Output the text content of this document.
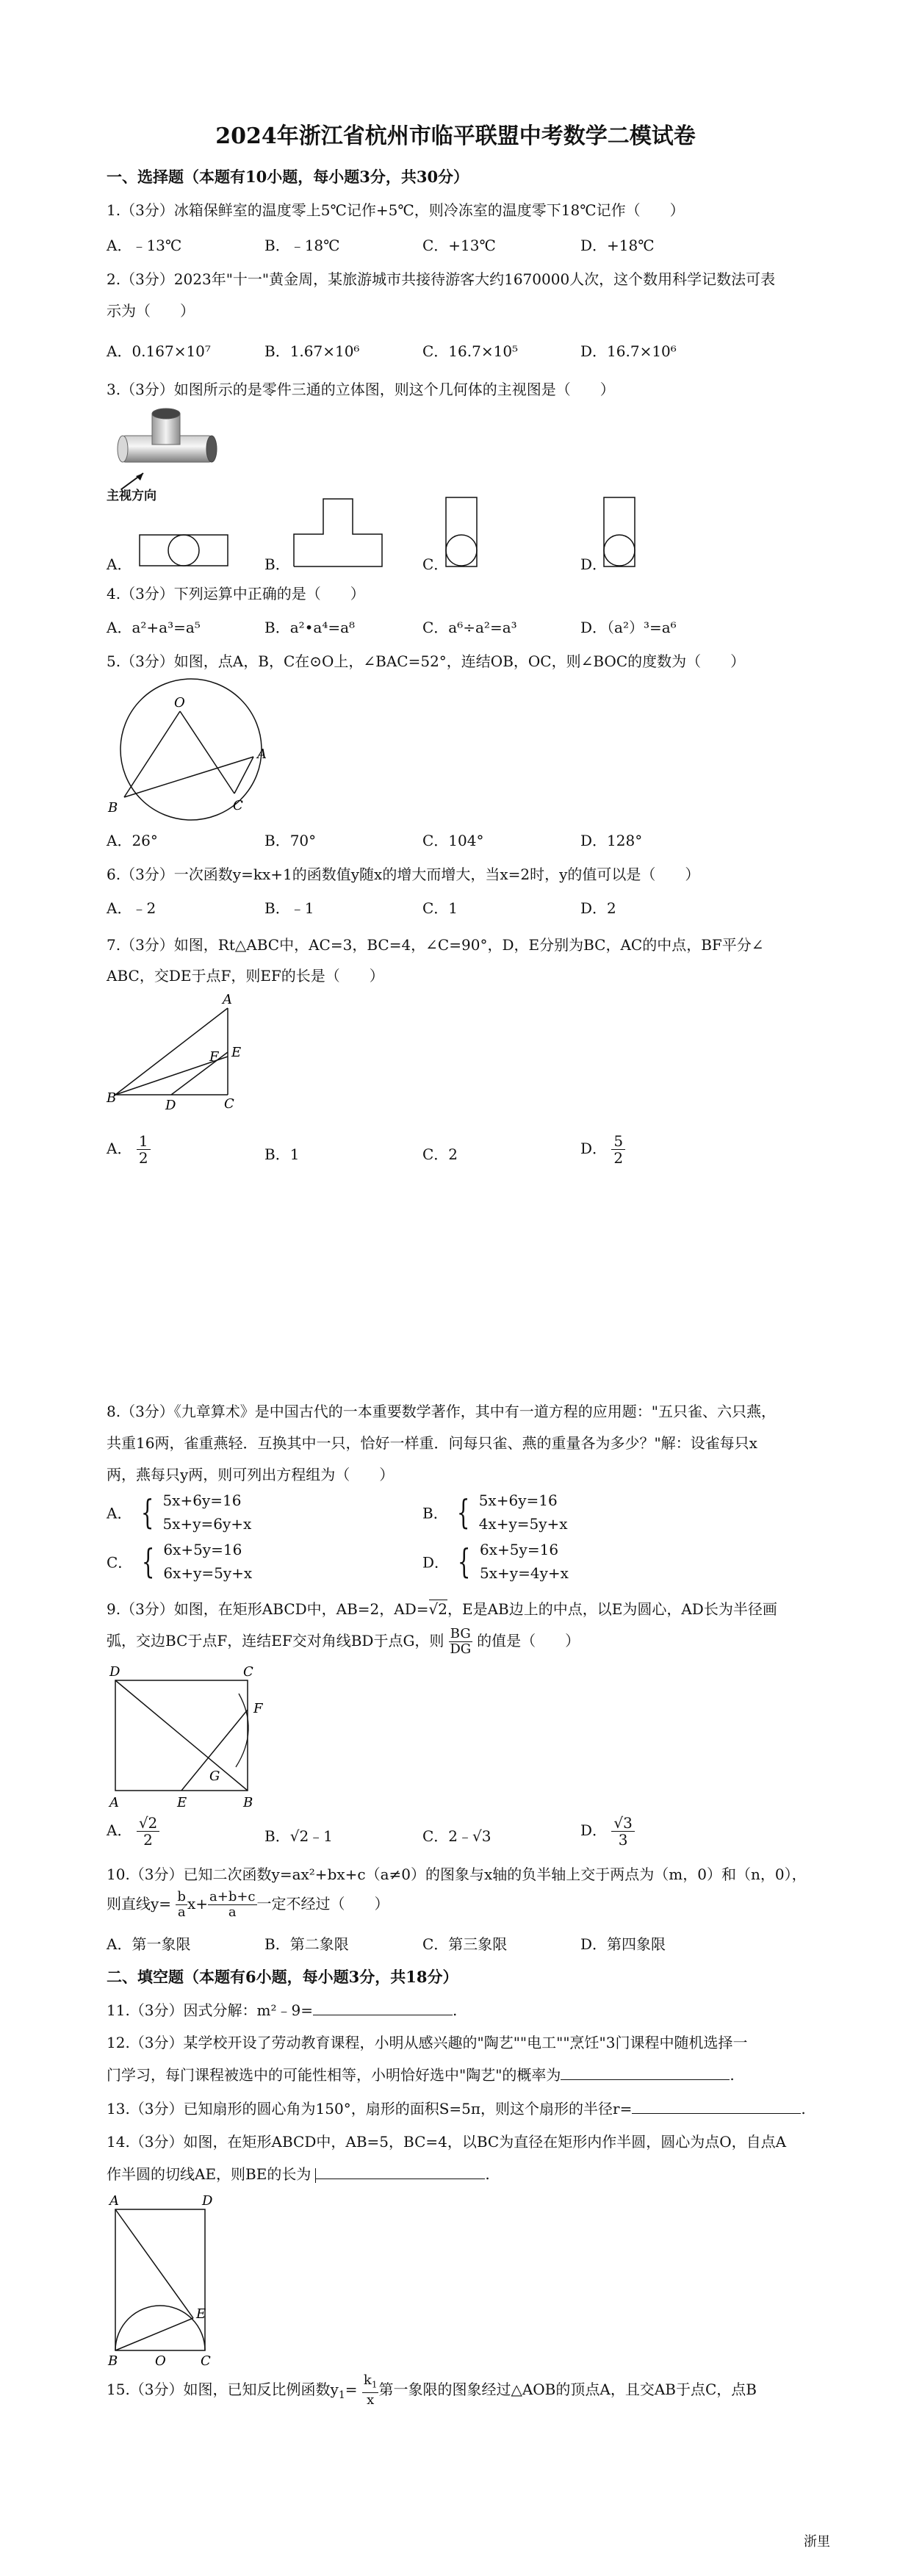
2024年浙江省杭州市临平联盟中考数学二模试卷
一、选择题（本题有10小题，每小题3分，共30分）
1.（3分）冰箱保鲜室的温度零上5℃记作+5℃，则冷冻室的温度零下18℃记作（　　）
A．﹣13℃	B．﹣18℃	C．+13℃	D．+18℃
2.（3分）2023年"十一"黄金周，某旅游城市共接待游客大约1670000人次，这个数用科学记数法可表
示为（　　）
A．0.167×10⁷	B．1.67×10⁶	C．16.7×10⁵	D．16.7×10⁶
3.（3分）如图所示的是零件三通的立体图，则这个几何体的主视图是（　　）
主视方向
A．	B．	C．	D．
4.（3分）下列运算中正确的是（　　）
A．a²+a³=a⁵	B．a²•a⁴=a⁸	C．a⁶÷a²=a³	D．（a²）³=a⁶
5.（3分）如图，点A，B，C在⊙O上，∠BAC=52°，连结OB，OC，则∠BOC的度数为（　　）
O
A
B	C
A．26°	B．70°	C．104°	D．128°
6.（3分）一次函数y=kx+1的函数值y随x的增大而增大，当x=2时，y的值可以是（　　）
A．﹣2	B．﹣1	C．1	D．2
7.（3分）如图，Rt△ABC中，AC=3，BC=4，∠C=90°，D，E分别为BC，AC的中点，BF平分∠
ABC，交DE于点F，则EF的长是（　　）
A
E
F
B	D	C
A． $\frac{1}{2}$	B．1	C．2	D． $\frac{5}{2}$
8.（3分）《九章算术》是中国古代的一本重要数学著作，其中有一道方程的应用题："五只雀、六只燕，
共重16两，雀重燕轻．互换其中一只，恰好一样重．问每只雀、燕的重量各为多少？"解：设雀每只x
两，燕每只y两，则可列出方程组为（　　）
A． { 5x+6y=16
5x+y=6y+x
B． { 5x+6y=16
4x+y=5y+x
C． { 6x+5y=16
6x+y=5y+x
D． { 6x+5y=16
5x+y=4y+x
9.（3分）如图，在矩形ABCD中，AB=2，AD=√2，E是AB边上的中点，以E为圆心，AD长为半径画
弧，交边BC于点F，连结EF交对角线BD于点G，则 $\frac{BG}{DG}$ 的值是（　　）
D	C
F
G
A	E	B
A． $\frac{√2}{2}$	B．√2﹣1	C．2﹣√3	D． $\frac{√3}{3}$
10.（3分）已知二次函数y=ax²+bx+c（a≠0）的图象与x轴的负半轴上交于两点为（m，0）和（n，0），
则直线$y= \frac{b}{a} x+ \frac{a+b+c}{a}$ 一定不经过（　　）
A．第一象限	B．第二象限	C．第三象限	D．第四象限
二、填空题（本题有6小题，每小题3分，共18分）
11.（3分）因式分解：m²﹣9=	.
12.（3分）某学校开设了劳动教育课程，小明从感兴趣的"陶艺""电工""烹饪"3门课程中随机选择一
门学习，每门课程被选中的可能性相等，小明恰好选中"陶艺"的概率为	.
13.（3分）已知扇形的圆心角为150°，扇形的面积S=5π，则这个扇形的半径r=	.
14.（3分）如图，在矩形ABCD中，AB=5，BC=4，以BC为直径在矩形内作半圆，圆心为点O，自点A
作半圆的切线AE，则BE的长为	.
A	D
E
B	O	C
15.（3分）如图，已知反比例函数$y_1= \frac{k_1}{x}$ 第一象限的图象经过△AOB的顶点A，且交AB于点C，点B
浙里
